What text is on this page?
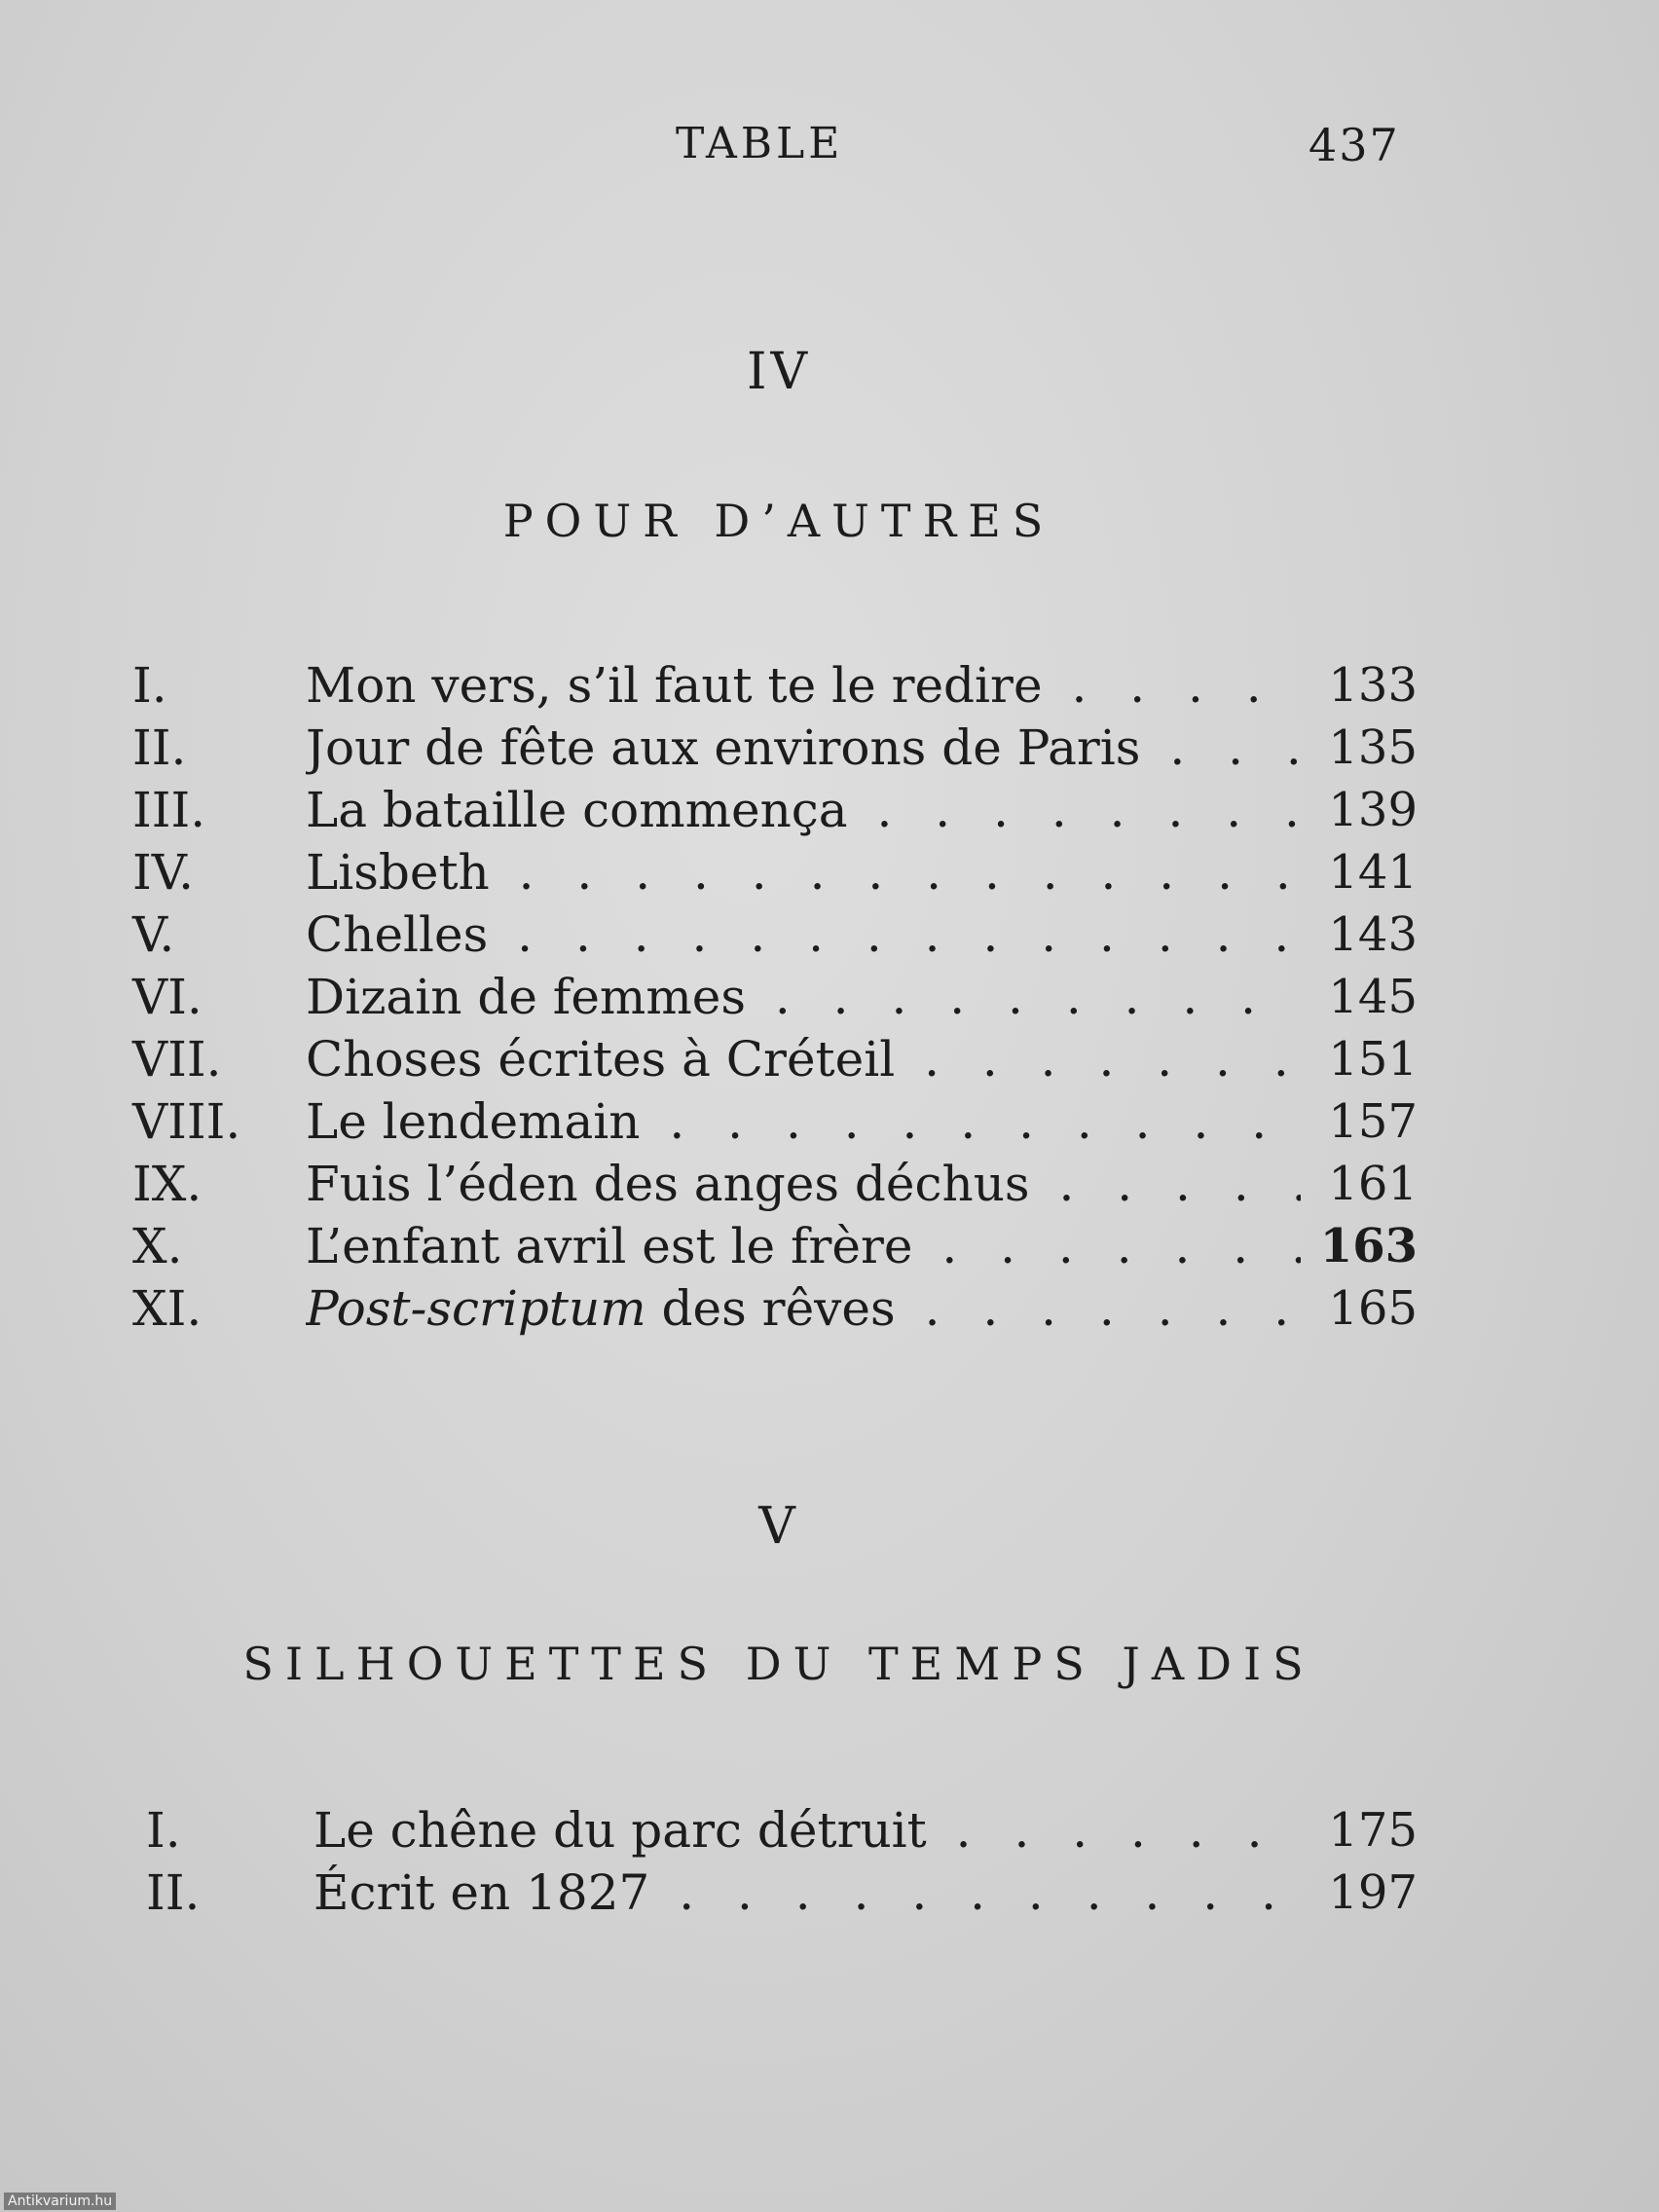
TABLE	437
IV
POUR D’AUTRES
I.	Mon vers, s’il faut te le redire . . .	133
II. Jour de fête aux environs de Paris . . .	135
III. La bataille commença . . .	139
IV. Lisbeth . . .	141
V.	Chelles . . .	143
VI. Dizain de femmes . . .	145
VII. Choses écrites à Créteil . . .	151
VIII. Le lendemain . . .	157
IX. Fuis l’éden des anges déchus . . .	161
X.	L’enfant avril est le frère . . .	163
XI. Post-scriptum des rêves . . .	165
V
SILHOUETTES DU TEMPS JADIS
I.	Le chêne du parc détruit . . .	175
II. Écrit en 1827 . . .	197
Antikvarium.hu
